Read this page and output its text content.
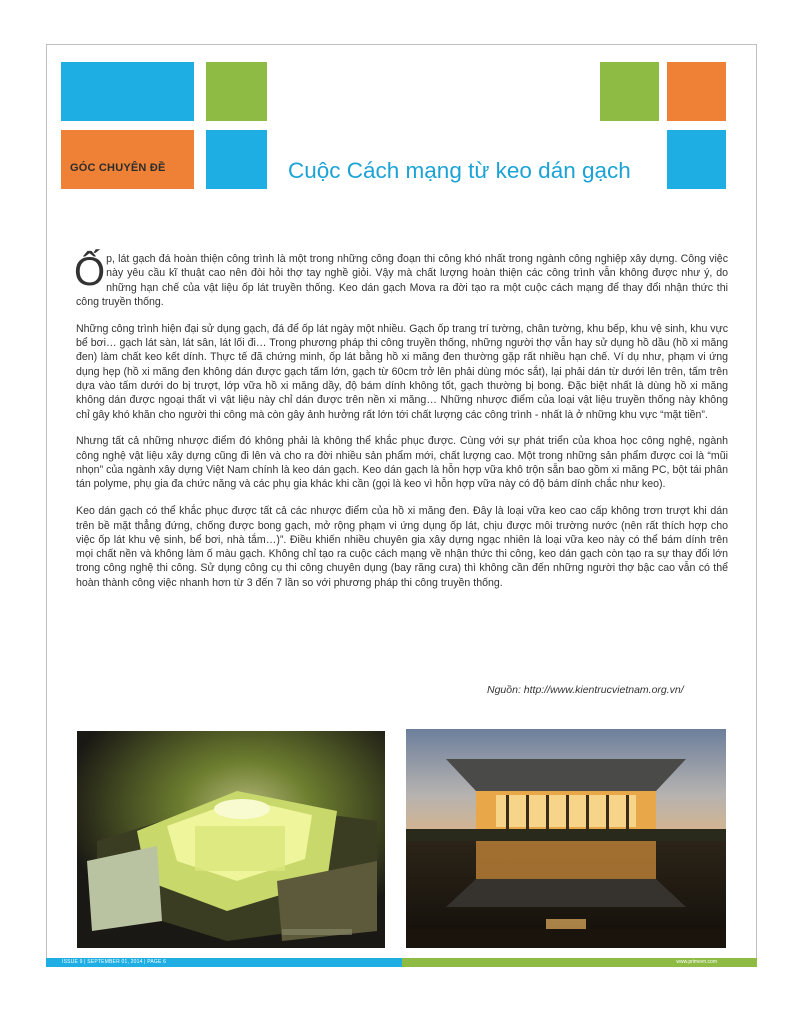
GÓC CHUYÊN ĐỀ	Cuộc Cách mạng từ keo dán gạch

Ốp, lát gạch đá hoàn thiện công trình là một trong những công đoạn thi công khó nhất trong ngành công nghiệp xây dựng. Công việc này yêu cầu kĩ thuật cao nên đòi hỏi thợ tay nghề giỏi. Vậy mà chất lượng hoàn thiện các công trình vẫn không được như ý, do những hạn chế của vật liệu ốp lát truyền thống. Keo dán gạch Mova ra đời tạo ra một cuộc cách mạng để thay đổi nhận thức thi công truyền thống.

Những công trình hiện đại sử dụng gạch, đá để ốp lát ngày một nhiều. Gạch ốp trang trí tường, chân tường, khu bếp, khu vệ sinh, khu vực bể bơi… gạch lát sàn, lát sân, lát lối đi… Trong phương pháp thi công truyền thống, những người thợ vẫn hay sử dụng hồ dầu (hồ xi măng đen) làm chất keo kết dính. Thực tế đã chứng minh, ốp lát bằng hồ xi măng đen thường gặp rất nhiều hạn chế. Ví dụ như, phạm vi ứng dụng hẹp (hồ xi măng đen không dán được gạch tấm lớn, gạch từ 60cm trở lên phải dùng móc sắt), lại phải dán từ dưới lên trên, tấm trên dựa vào tấm dưới do bị trượt, lớp vữa hồ xi măng dầy, độ bám dính không tốt, gạch thường bị bong. Đặc biệt nhất là dùng hồ xi măng không dán được ngoại thất vì vật liệu này chỉ dán được trên nền xi măng… Những nhược điểm của loại vật liệu truyền thống này không chỉ gây khó khăn cho người thi công mà còn gây ảnh hưởng rất lớn tới chất lượng các công trình - nhất là ở những khu vực “mặt tiền”.

Nhưng tất cả những nhược điểm đó không phải là không thể khắc phục được. Cùng với sự phát triển của khoa học công nghệ, ngành công nghệ vật liệu xây dựng cũng đi lên và cho ra đời nhiều sản phẩm mới, chất lượng cao. Một trong những sản phẩm được coi là “mũi nhọn” của ngành xây dựng Việt Nam chính là keo dán gạch. Keo dán gạch là hỗn hợp vữa khô trộn sẵn bao gồm xi măng PC, bột tái phân tán polyme, phụ gia đa chức năng và các phụ gia khác khi cần (gọi là keo vì hỗn hợp vữa này có độ bám dính chắc như keo).

Keo dán gạch có thể khắc phục được tất cả các nhược điểm của hồ xi măng đen. Đây là loại vữa keo cao cấp không trơn trượt khi dán trên bề mặt thẳng đứng, chống được bong gạch, mở rộng phạm vi ứng dụng ốp lát, chịu được môi trường nước (nên rất thích hợp cho việc ốp lát khu vệ sinh, bể bơi, nhà tắm…)”. Điều khiến nhiều chuyên gia xây dựng ngạc nhiên là loại vữa keo này có thể bám dính trên mọi chất nền và không làm ố màu gạch. Không chỉ tạo ra cuộc cách mạng về nhận thức thi công, keo dán gạch còn tạo ra sự thay đổi lớn trong công nghệ thi công. Sử dụng công cụ thi công chuyên dụng (bay răng cưa) thì không cần đến những người thợ bậc cao vẫn có thể hoàn thành công việc nhanh hơn từ 3 đến 7 lần so với phương pháp thi công truyền thống.

Nguồn: http://www.kientrucvietnam.org.vn/
ISSUE 9 | SEPTEMBER 01, 2014 | PAGE 6	www.primevn.com
